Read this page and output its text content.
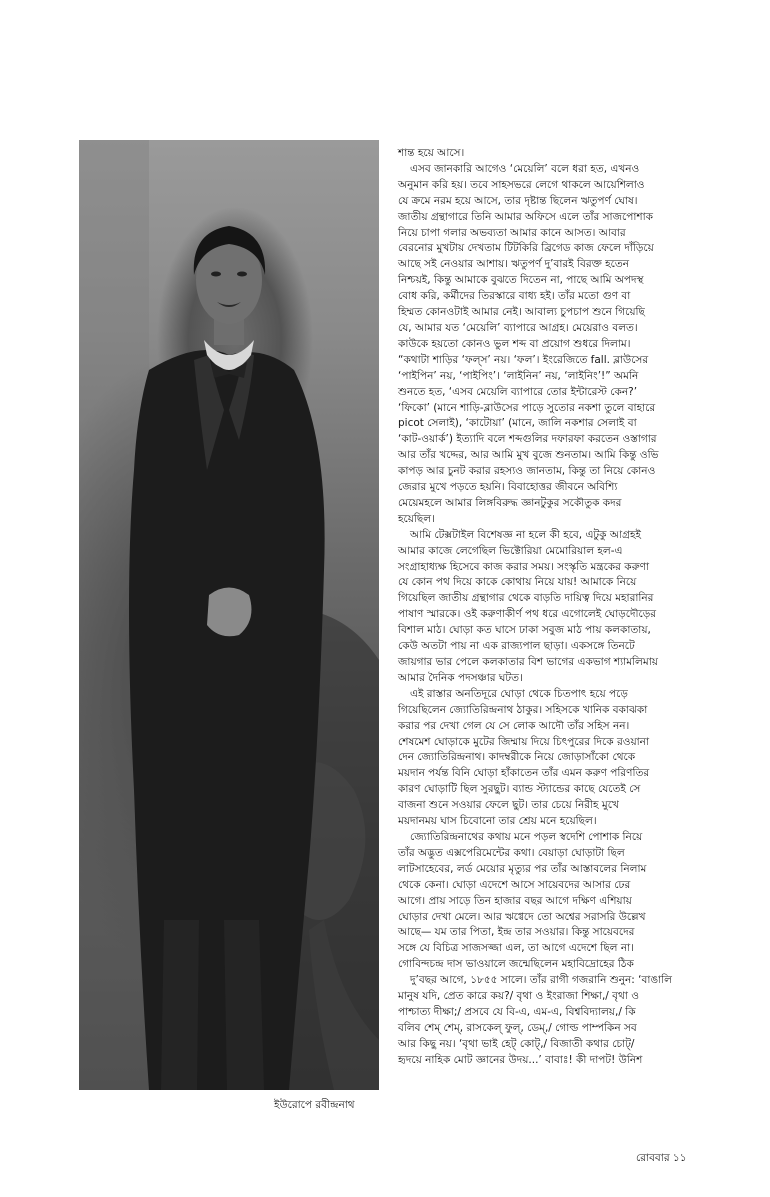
ইউরোপে রবীন্দ্রনাথ

শান্ত হয়ে আসে।

এসব জানকারি আগেও ‘মেয়েলি’ বলে ধরা হত, এখনও

অনুমান করি হয়। তবে সাহসভরে লেগে থাকলে আয়েশিলাও

যে ক্রমে নরম হয়ে আসে, তার দৃষ্টান্ত ছিলেন ঋতুপর্ণ ঘোষ।

জাতীয় গ্রন্থাগারে তিনি আমার অফিসে এলে তাঁর সাজপোশাক

নিয়ে চাপা গলার অভব্যতা আমার কানে আসত। আবার

বেরনোর মুখটায় দেখতাম টিটকিরি ব্রিগেড কাজ ফেলে দাঁড়িয়ে

আছে সই নেওয়ার আশায়। ঋতুপর্ণ দু’বারই বিরক্ত হতেন

নিশ্চয়ই, কিন্তু আমাকে বুঝতে দিতেন না, পাছে আমি অপদস্থ

বোধ করি, কর্মীদের তিরস্কারে বাধ্য হই। তাঁর মতো গুণ বা

হিম্মত কোনওটাই আমার নেই। আবাল্য চুপচাপ শুনে গিয়েছি

যে, আমার যত ‘মেয়েলি’ ব্যাপারে আগ্রহ। মেয়েরাও বলত।

কাউকে হয়তো কোনও ভুল শব্দ বা প্রয়োগ শুধরে দিলাম।

“কথাটা শাড়ির ‘ফল্‌স’ নয়। ‘ফল’। ইংরেজিতে fall. ব্লাউসের

‘পাইপিন’ নয়, ‘পাইপিং’। ‘লাইনিন’ নয়, ‘লাইনিং’!” অমনি

শুনতে হত, ‘এসব মেয়েলি ব্যাপারে তোর ইন্টারেস্ট কেন?’

‘ফিকো’ (মানে শাড়ি-ব্লাউসের পাড়ে সুতোর নকশা তুলে বাহারে

picot সেলাই), ‘কাটোয়া’ (মানে, জালি নকশার সেলাই বা

‘কাট-ওয়ার্ক’) ইত্যাদি বলে শব্দগুলির দফারফা করতেন ওস্তাগার

আর তাঁর খদ্দের, আর আমি মুখ বুজে শুনতাম। আমি কিন্তু ওভি

কাপড় আর চুনট করার রহস্যও জানতাম, কিন্তু তা নিয়ে কোনও

জেরার মুখে পড়তে হয়নি। বিবাহোত্তর জীবনে অবিশ্যি

মেয়েমহলে আমার লিঙ্গবিরুদ্ধ জ্ঞানটুকুর সকৌতুক কদর

হয়েছিল।

আমি টেক্সটাইল বিশেষজ্ঞ না হলে কী হবে, এটুকু আগ্রহই

আমার কাজে লেগেছিল ভিক্টোরিয়া মেমোরিয়াল হল-এ

সংগ্রাহাধ্যক্ষ হিসেবে কাজ করার সময়। সংস্কৃতি মন্ত্রকের করুণা

যে কোন পথ দিয়ে কাকে কোথায় নিয়ে যায়! আমাকে নিয়ে

গিয়েছিল জাতীয় গ্রন্থাগার থেকে বাড়তি দায়িত্ব দিয়ে মহারানির

পাষাণ স্মারকে। ওই করুণাকীর্ণ পথ ধরে এগোলেই ঘোড়দৌড়ের

বিশাল মাঠ। ঘোড়া কত ঘাসে ঢাকা সবুজ মাঠ পায় কলকাতায়,

কেউ অতটা পায় না এক রাজ্যপাল ছাড়া। একসঙ্গে তিনটে

জায়গার ভার পেলে কলকাতার বিশ ভাগের একভাগ শ্যামলিমায়

আমার দৈনিক পদসঞ্চার ঘটত।

এই রাস্তার অনতিদূরে ঘোড়া থেকে চিতপাৎ হয়ে পড়ে

গিয়েছিলেন জ্যোতিরিন্দ্রনাথ ঠাকুর। সহিসকে খানিক বকাঝকা

করার পর দেখা গেল যে সে লোক আদৌ তাঁর সহিস নন।

শেষমেশ ঘোড়াকে মুটের জিম্মায় দিয়ে চিৎপুরের দিকে রওয়ানা

দেন জ্যোতিরিন্দ্রনাথ। কাদম্বরীকে নিয়ে জোড়াসাঁকো থেকে

ময়দান পর্যন্ত বিনি ঘোড়া হাঁকাতেন তাঁর এমন করুণ পরিণতির

কারণ ঘোড়াটি ছিল সুরছুট। ব্যান্ড স্ট্যান্ডের কাছে যেতেই সে

বাজনা শুনে সওয়ার ফেলে ছুট। তার চেয়ে নিরীহ মুখে

ময়দানময় ঘাস চিবোনো তার শ্রেয় মনে হয়েছিল।

জ্যোতিরিন্দ্রনাথের কথায় মনে পড়ল স্বদেশি পোশাক নিয়ে

তাঁর অদ্ভুত এক্সপেরিমেন্টের কথা। বেয়াড়া ঘোড়াটা ছিল

লাটসাহেবের, লর্ড মেয়োর মৃত্যুর পর তাঁর আস্তাবলের নিলাম

থেকে কেনা। ঘোড়া এদেশে আসে সায়েবদের আসার ঢের

আগে। প্রায় সাড়ে তিন হাজার বছর আগে দক্ষিণ এশিয়ায়

ঘোড়ার দেখা মেলে। আর ঋগ্বেদে তো অশ্বের সরাসরি উল্লেখ

আছে— যম তার পিতা, ইন্দ্র তার সওয়ার। কিন্তু সায়েবদের

সঙ্গে যে বিচিত্র সাজসজ্জা এল, তা আগে এদেশে ছিল না।

গোবিন্দচন্দ্র দাস ভাওয়ালে জন্মেছিলেন মহাবিদ্রোহের ঠিক

দু’বছর আগে, ১৮৫৫ সালে। তাঁর রাগী গজরানি শুনুন: ‘বাঙালি

মানুষ যদি, প্রেত কারে কয়?/ বৃথা ও ইংরাজা শিক্ষা,/ বৃথা ও

পাশ্চাত্য দীক্ষা;/ প্রসবে যে বি-এ, এম-এ, বিশ্ববিদ্যালয়,/ কি

বলিব শেম্‌ শেম্‌, রাসকেল্‌ ফুল্‌, ডেম্‌,/ গোল্ড পাম্পকিন সব

আর কিছু নয়। ‘বৃথা ভাই হেট্‌ কোট্‌,/ বিজাতী কথার চোট্‌/

হৃদয়ে নাহিক মোট জ্ঞানের উদয়...’ বাবাঃ! কী দাপট! উনিশ

রোববার ১১
